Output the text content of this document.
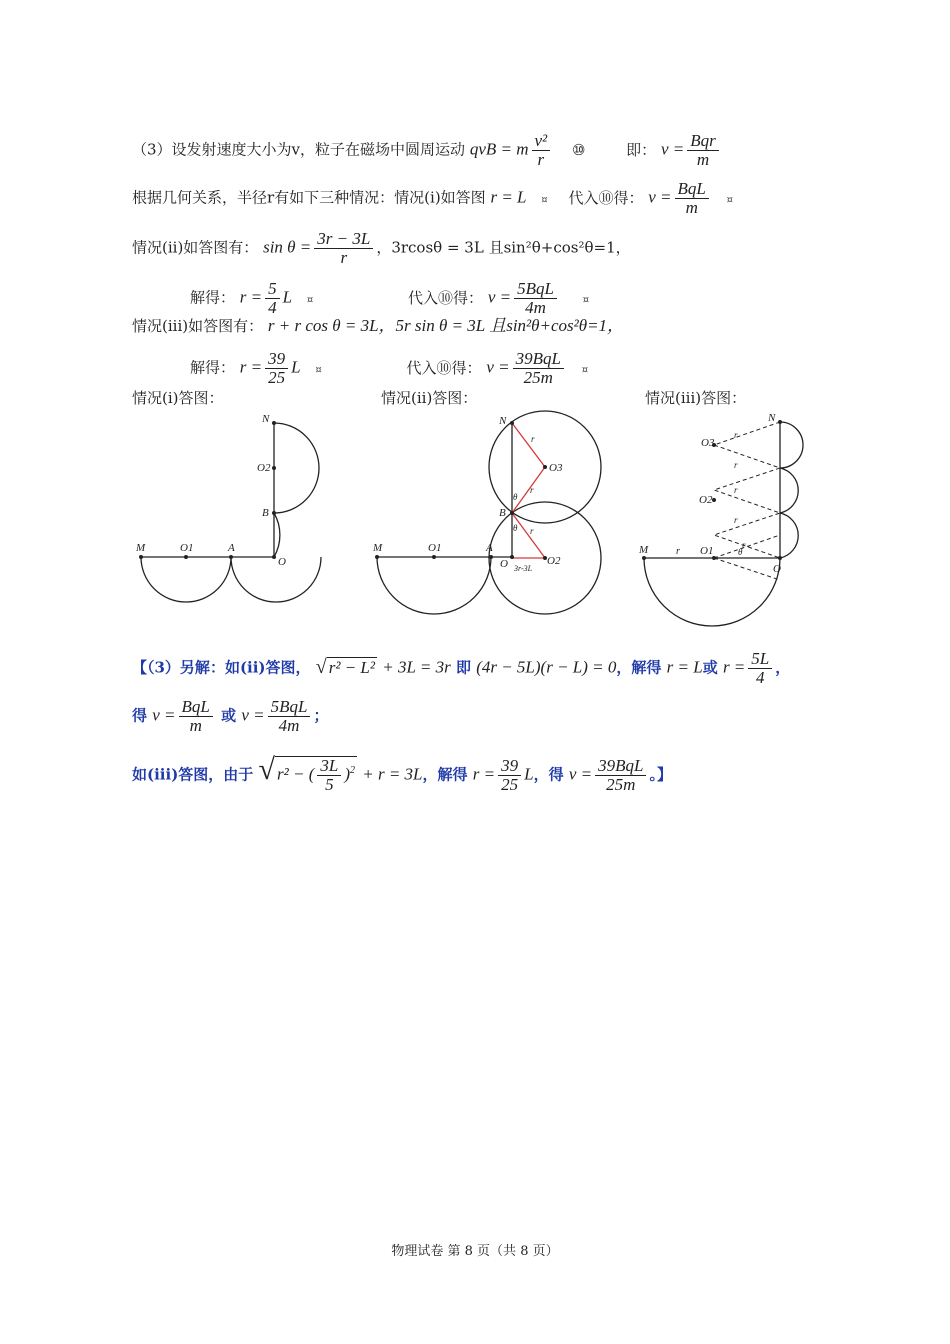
（3）设发射速度大小为v，粒子在磁场中圆周运动 qvB = m $\frac{\text{v²}}{r}$ ⑩	即： $v = \frac{\text{Bqr}}{m}$
根据几何关系，半径r有如下三种情况：情况(i)如答图 r = L ¤ 代入⑩得： $v = \frac{\text{BqL}}{m}$ ¤
情况(ii)如答图有： $\sin \theta = \frac{3r - 3L}{r}$ ，3rcosθ = 3L 且sin²θ+cos²θ=1，
解得： $r = \frac{5}{4}$ L ¤	代入⑩得： $v = \frac{\text{5BqL}}{4m}$	¤
情况(iii)如答图有： r + r cos θ = 3L，5r sin θ = 3L 且sin²θ+cos²θ=1，
解得： $r = \frac{39}{25}$ L ¤	代入⑩得： $v = \frac{\text{39BqL}}{25m}$ ¤
情况(i)答图：	情况(ii)答图：	情况(iii)答图：
N
O2
B
M	O1	A
O
N
r
O3
θ
r
B
θ r
M	O1	A
O 3r-3L
O2
N
O3
r
r
O2
r
r
r
M	r O1	θ
O
【（3）另解：如(ii)答图， √ r² − L² + 3L = 3r 即 (4r − 5L)(r − L) = 0，解得 r = L或 $r = \frac{5L}{4}$ ，
得 $v = \frac{\text{BqL}}{m}$ 或 $v = \frac{\text{5BqL}}{4m}$ ；
如(iii)答图，由于 √ r² − ( $\frac{3L}{5} )^2 + r = 3L$，解得 $r = \frac{39}{25}$ L，得 $v = \frac{\text{39BqL}}{25m}$ 。】
物理试卷 第 8 页（共 8 页）
